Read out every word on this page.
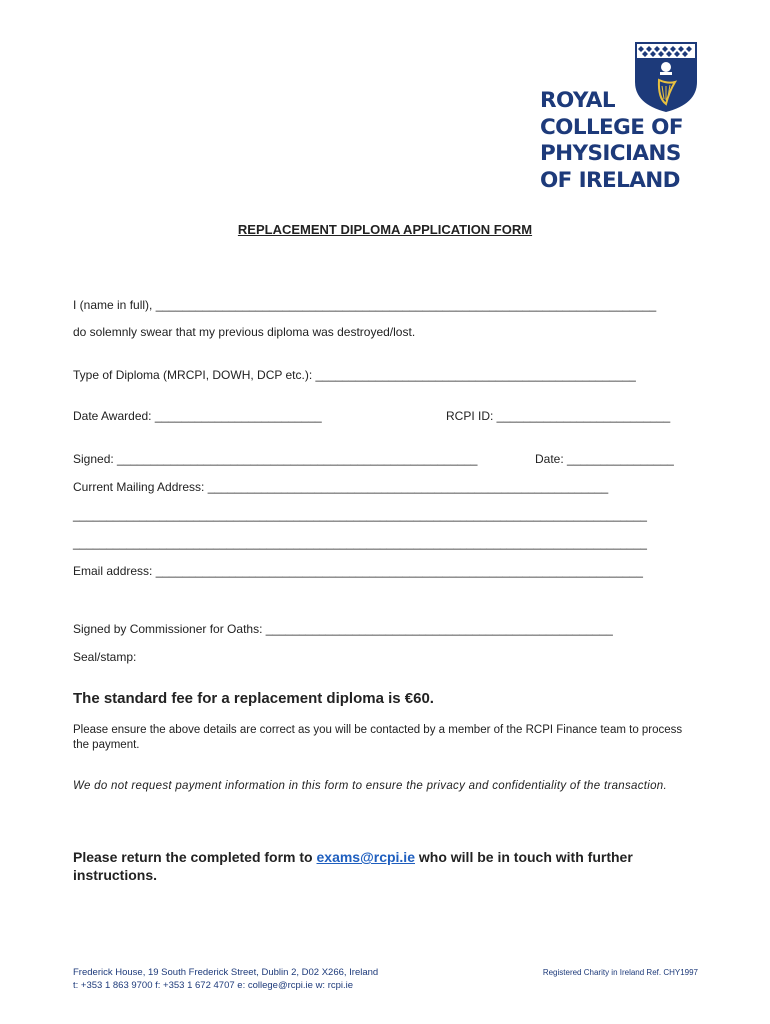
ROYAL
COLLEGE OF
PHYSICIANS
OF IRELAND
REPLACEMENT DIPLOMA APPLICATION FORM
I (name in full), ___________________________________________________________________________
do solemnly swear that my previous diploma was destroyed/lost.
Type of Diploma (MRCPI, DOWH, DCP etc.): ________________________________________________
Date Awarded: _________________________	RCPI ID: __________________________
Signed: ______________________________________________________	Date: ________________
Current Mailing Address: ____________________________________________________________
______________________________________________________________________________________
______________________________________________________________________________________
Email address: _________________________________________________________________________
Signed by Commissioner for Oaths: ____________________________________________________
Seal/stamp:
The standard fee for a replacement diploma is €60.
Please ensure the above details are correct as you will be contacted by a member of the RCPI Finance team to process the payment.
We do not request payment information in this form to ensure the privacy and confidentiality of the transaction.
Please return the completed form to exams@rcpi.ie who will be in touch with further instructions.
Frederick House, 19 South Frederick Street, Dublin 2, D02 X266, Ireland
t: +353 1 863 9700 f: +353 1 672 4707 e: college@rcpi.ie w: rcpi.ie
Registered Charity in Ireland Ref. CHY1997
